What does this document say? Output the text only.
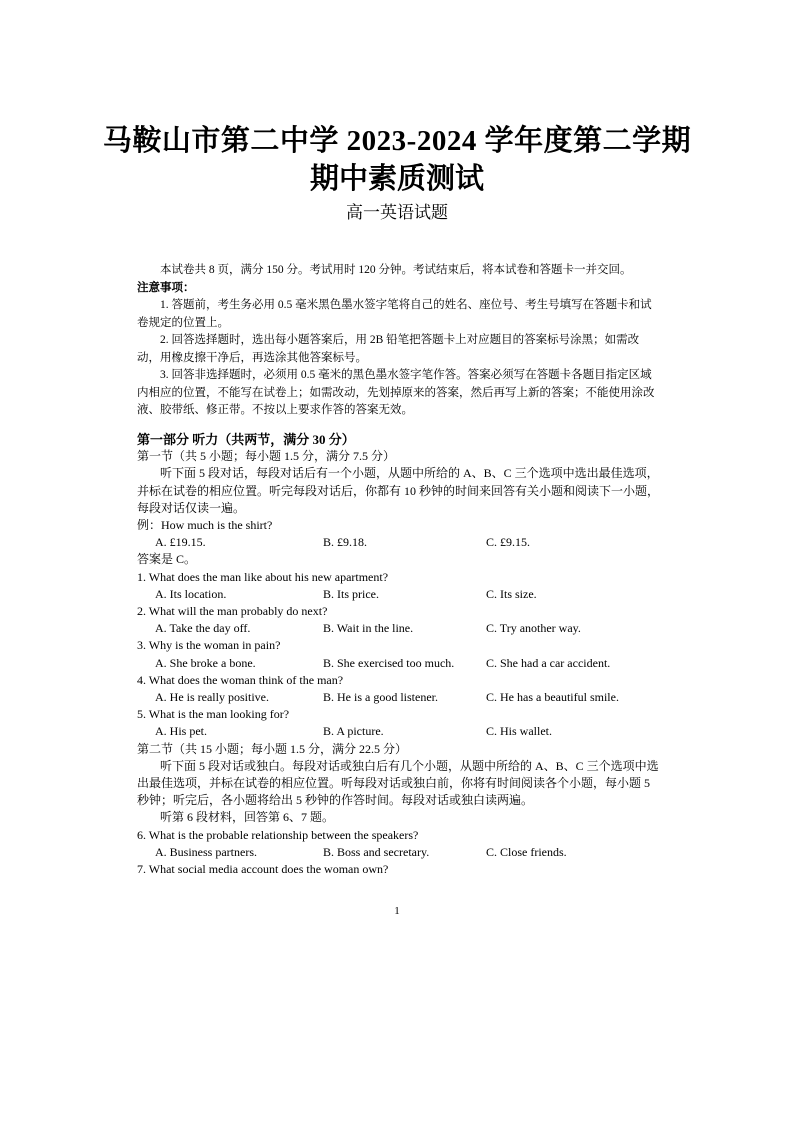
马鞍山市第二中学 2023-2024 学年度第二学期
期中素质测试
高一英语试题

本试卷共 8 页，满分 150 分。考试用时 120 分钟。考试结束后，将本试卷和答题卡一并交回。

注意事项：

1. 答题前，考生务必用 0.5 毫米黑色墨水签字笔将自己的姓名、座位号、考生号填写在答题卡和试卷规定的位置上。

2. 回答选择题时，选出每小题答案后，用 2B 铅笔把答题卡上对应题目的答案标号涂黑；如需改动，用橡皮擦干净后，再选涂其他答案标号。

3. 回答非选择题时，必须用 0.5 毫米的黑色墨水签字笔作答。答案必须写在答题卡各题目指定区域内相应的位置，不能写在试卷上；如需改动，先划掉原来的答案，然后再写上新的答案；不能使用涂改液、胶带纸、修正带。不按以上要求作答的答案无效。

第一部分 听力（共两节，满分 30 分）

第一节（共 5 小题；每小题 1.5 分，满分 7.5 分）

听下面 5 段对话，每段对话后有一个小题，从题中所给的 A、B、C 三个选项中选出最佳选项，并标在试卷的相应位置。听完每段对话后，你都有 10 秒钟的时间来回答有关小题和阅读下一小题，每段对话仅读一遍。

例：How much is the shirt?

A. £19.15.	B. £9.18.	C. £9.15.

答案是 C。

1. What does the man like about his new apartment?

A. Its location.	B. Its price.	C. Its size.

2. What will the man probably do next?

A. Take the day off.	B. Wait in the line.	C. Try another way.

3. Why is the woman in pain?

A. She broke a bone.	B. She exercised too much.	C. She had a car accident.

4. What does the woman think of the man?

A. He is really positive.	B. He is a good listener.	C. He has a beautiful smile.

5. What is the man looking for?

A. His pet.	B. A picture.	C. His wallet.

第二节（共 15 小题；每小题 1.5 分，满分 22.5 分）

听下面 5 段对话或独白。每段对话或独白后有几个小题，从题中所给的 A、B、C 三个选项中选出最佳选项，并标在试卷的相应位置。听每段对话或独白前，你将有时间阅读各个小题，每小题 5 秒钟；听完后，各小题将给出 5 秒钟的作答时间。每段对话或独白读两遍。

听第 6 段材料，回答第 6、7 题。

6. What is the probable relationship between the speakers?

A. Business partners.	B. Boss and secretary.	C. Close friends.

7. What social media account does the woman own?

1
